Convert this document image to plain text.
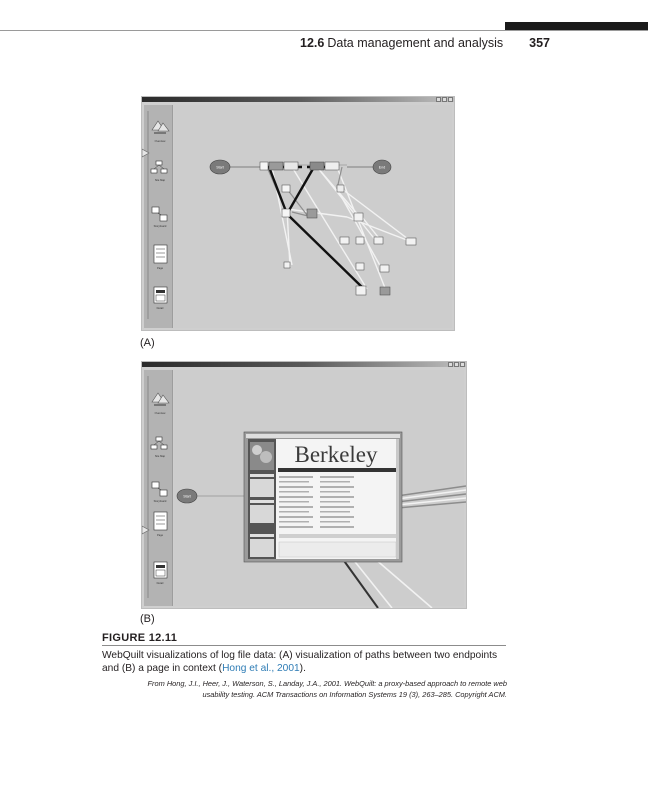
12.6 Data management and analysis 357
Overview
Site Map
Storyboard
Page
Detail
Start	End
(A)
Overview
Site Map
Storyboard
Page
Detail
Start
Berkeley
(B)
FIGURE 12.11
WebQuilt visualizations of log file data: (A) visualization of paths between two endpoints and (B) a page in context (Hong et al., 2001).
From Hong, J.I., Heer, J., Waterson, S., Landay, J.A., 2001. WebQuilt: a proxy-based approach to remote web
usability testing. ACM Transactions on Information Systems 19 (3), 263–285. Copyright ACM.
